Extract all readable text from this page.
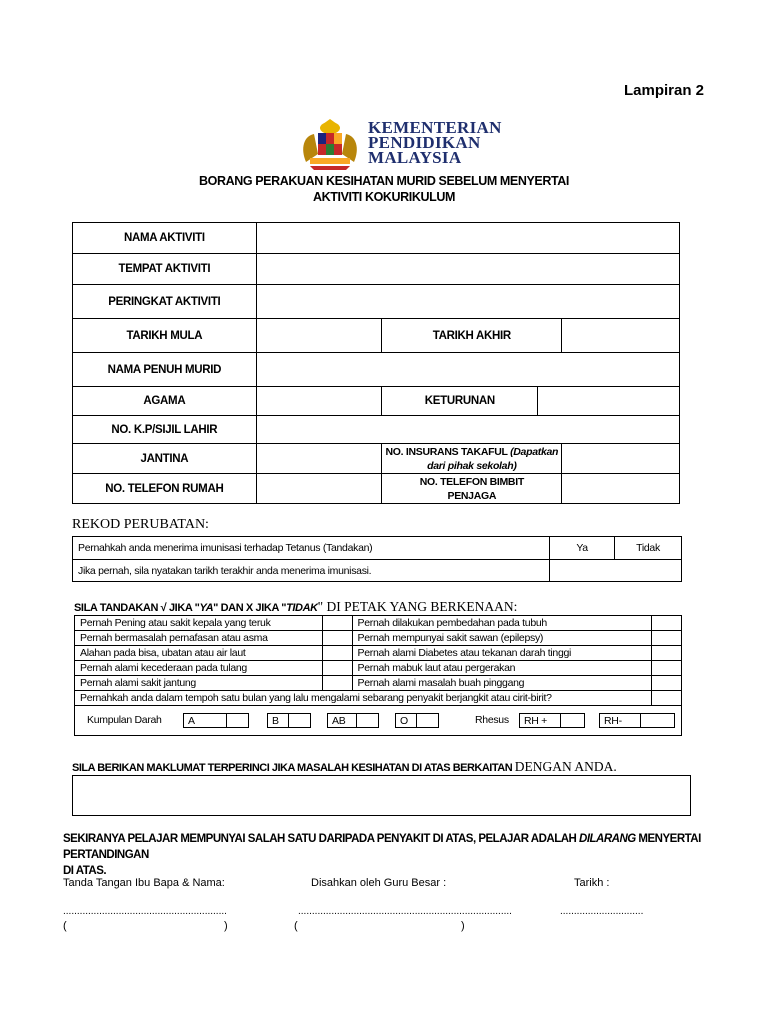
Lampiran 2
KEMENTERIAN
PENDIDIKAN
MALAYSIA
BORANG PERAKUAN KESIHATAN MURID SEBELUM MENYERTAI
AKTIVITI KOKURIKULUM
NAMA AKTIVITI				
TEMPAT AKTIVITI				
PERINGKAT AKTIVITI				
TARIKH MULA		TARIKH AKHIR		
NAMA PENUH MURID				
AGAMA		KETURUNAN		
NO. K.P/SIJIL LAHIR				
JANTINA		NO. INSURANS TAKAFUL (Dapatkan
dari pihak sekolah)		
NO. TELEFON RUMAH		NO. TELEFON BIMBIT
PENJAGA		
REKOD PERUBATAN:
Pernahkah anda menerima imunisasi terhadap Tetanus (Tandakan)	Ya	Tidak
Jika pernah, sila nyatakan tarikh terakhir anda menerima imunisasi.		
SILA TANDAKAN √ JIKA "YA" DAN X JIKA "TIDAK" DI PETAK YANG BERKENAAN:
Pernah Pening atau sakit kepala yang teruk		Pernah dilakukan pembedahan pada tubuh	
Pernah bermasalah pernafasan atau asma		Pernah mempunyai sakit sawan (epilepsy)	
Alahan pada bisa, ubatan atau air laut		Pernah alami Diabetes atau tekanan darah tinggi	
Pernah alami kecederaan pada tulang		Pernah mabuk laut atau pergerakan	
Pernah alami sakit jantung		Pernah alami masalah buah pinggang	
Pernahkah anda dalam tempoh satu bulan yang lalu mengalami sebarang penyakit berjangkit atau cirit-birit?			
Kumpulan Darah A B AB O Rhesus RH + RH-			
SILA BERIKAN MAKLUMAT TERPERINCI JIKA MASALAH KESIHATAN DI ATAS BERKAITAN DENGAN ANDA.
SEKIRANYA PELAJAR MEMPUNYAI SALAH SATU DARIPADA PENYAKIT DI ATAS, PELAJAR ADALAH DILARANG MENYERTAI PERTANDINGAN
DI ATAS.
Tanda Tangan Ibu Bapa & Nama:	Disahkan oleh Guru Besar :	Tarikh :
...........................................................	.............................................................................	..............................
(	)	(	)
